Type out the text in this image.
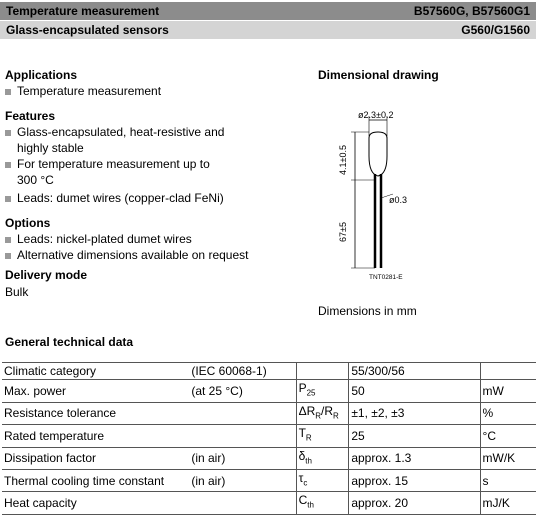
Temperature measurement	B57560G, B57560G1
Glass-encapsulated sensors	G560/G1560
Applications
Temperature measurement
Features
Glass-encapsulated, heat-resistive and
highly stable
For temperature measurement up to
300 °C
Leads: dumet wires (copper-clad FeNi)
Options
Leads: nickel-plated dumet wires
Alternative dimensions available on request
Delivery mode
Bulk
Dimensional drawing
ø2.3±0.2
4.1±0.5
ø0.3
67±5
TNT0281-E
Dimensions in mm
General technical data
Climatic category	(IEC 60068-1)		55/300/56	
Max. power	(at 25 °C)	$P_{25}$	50	mW
Resistance tolerance		$\Delta R_R/R_R$	±1, ±2, ±3	%
Rated temperature		$T_R$	25	°C
Dissipation factor	(in air)	$\delta_{th}$	approx. 1.3	mW/K
Thermal cooling time constant	(in air)	$\tau_c$	approx. 15	s
Heat capacity		$C_{th}$	approx. 20	mJ/K
